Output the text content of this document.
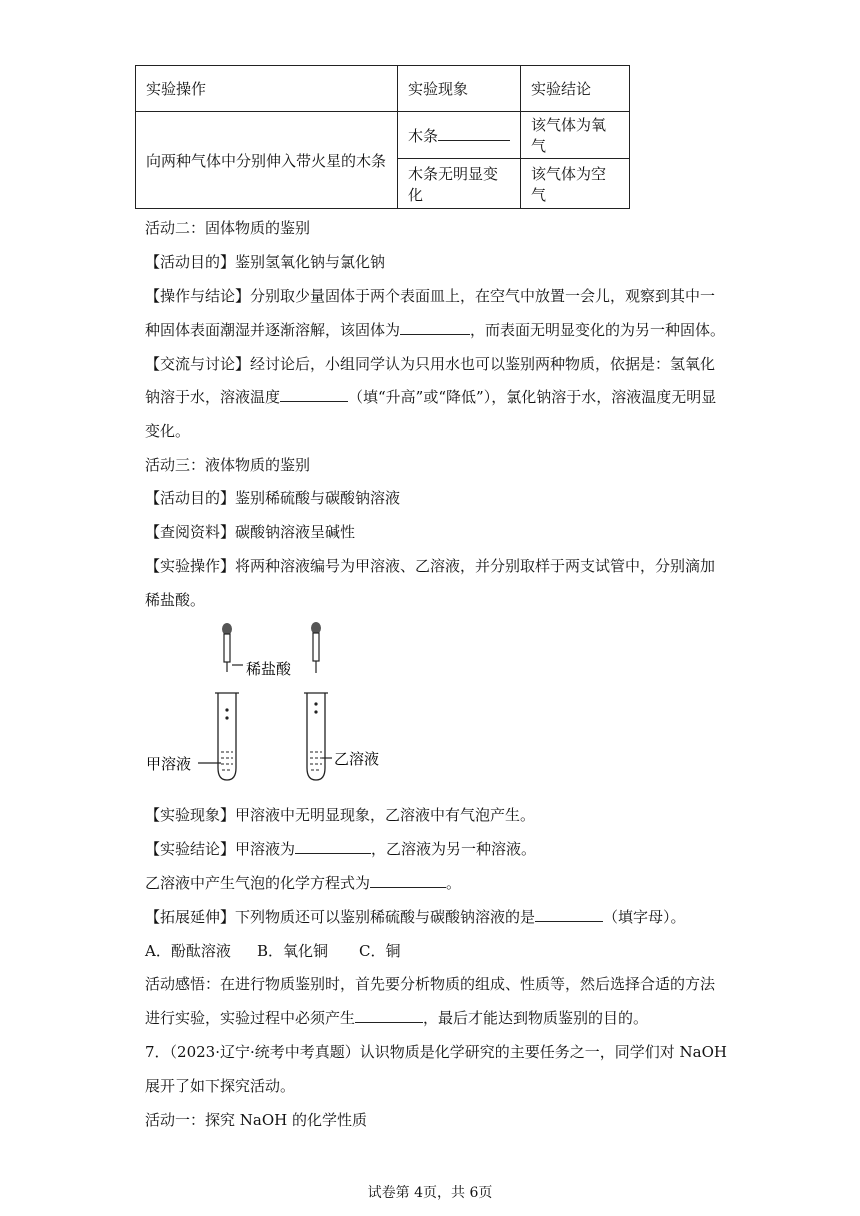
实验操作	实验现象	实验结论
向两种气体中分别伸入带火星的木条	木条	该气体为氧气
	木条无明显变化	该气体为空气
活动二：固体物质的鉴别
【活动目的】鉴别氢氧化钠与氯化钠
【操作与结论】分别取少量固体于两个表面皿上，在空气中放置一会儿，观察到其中一
种固体表面潮湿并逐渐溶解，该固体为	，而表面无明显变化的为另一种固体。
【交流与讨论】经讨论后，小组同学认为只用水也可以鉴别两种物质，依据是：氢氧化
钠溶于水，溶液温度	（填“升高”或“降低”），氯化钠溶于水，溶液温度无明显
变化。
活动三：液体物质的鉴别
【活动目的】鉴别稀硫酸与碳酸钠溶液
【查阅资料】碳酸钠溶液呈碱性
【实验操作】将两种溶液编号为甲溶液、乙溶液，并分别取样于两支试管中，分别滴加
稀盐酸。
稀盐酸
甲溶液	乙溶液
【实验现象】甲溶液中无明显现象，乙溶液中有气泡产生。
【实验结论】甲溶液为	，乙溶液为另一种溶液。
乙溶液中产生气泡的化学方程式为	。
【拓展延伸】下列物质还可以鉴别稀硫酸与碳酸钠溶液的是	（填字母）。
A．酚酞溶液 B．氧化铜 C．铜
活动感悟：在进行物质鉴别时，首先要分析物质的组成、性质等，然后选择合适的方法
进行实验，实验过程中必须产生	，最后才能达到物质鉴别的目的。
7．（2023·辽宁·统考中考真题）认识物质是化学研究的主要任务之一，同学们对 NaOH
展开了如下探究活动。
活动一：探究 NaOH 的化学性质
试卷第 4页，共 6页
